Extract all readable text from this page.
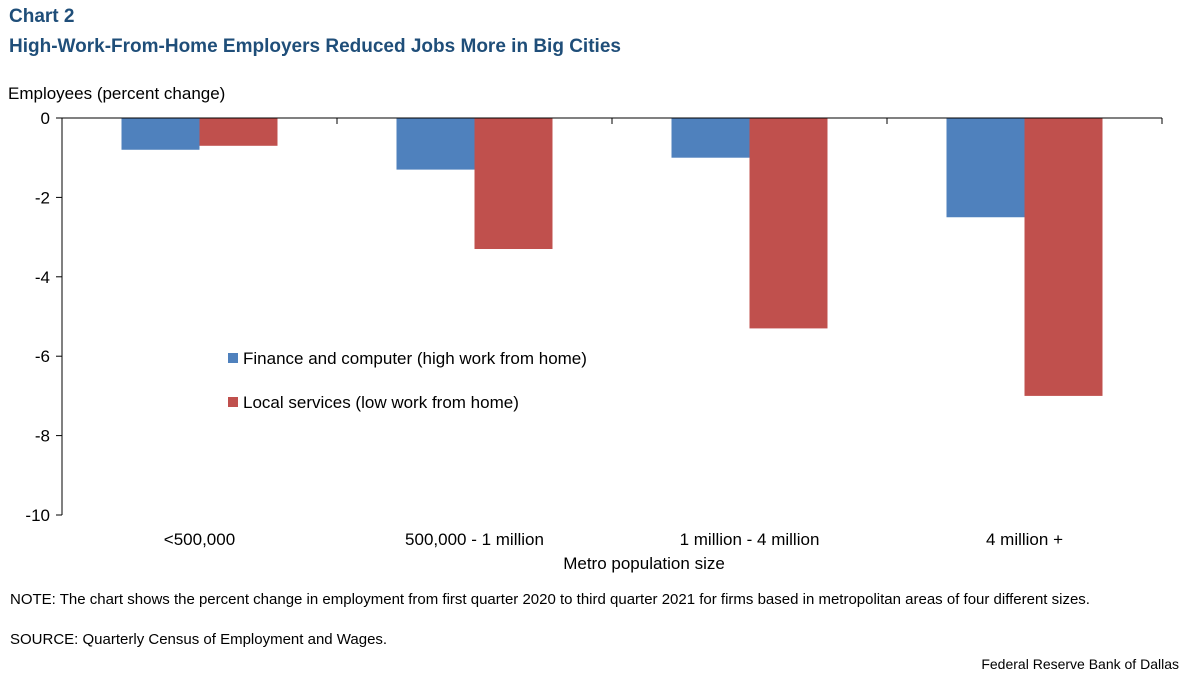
Chart 2
High-Work-From-Home Employers Reduced Jobs More in Big Cities
Employees (percent change)
0
-2
-4
-6
-8
-10
<500,000	500,000 - 1 million	1 million - 4 million	4 million +
Metro population size
Finance and computer (high work from home)
Local services (low work from home)
NOTE: The chart shows the percent change in employment from first quarter 2020 to third quarter 2021 for firms based in metropolitan areas of four different sizes.
SOURCE: Quarterly Census of Employment and Wages.
Federal Reserve Bank of Dallas
